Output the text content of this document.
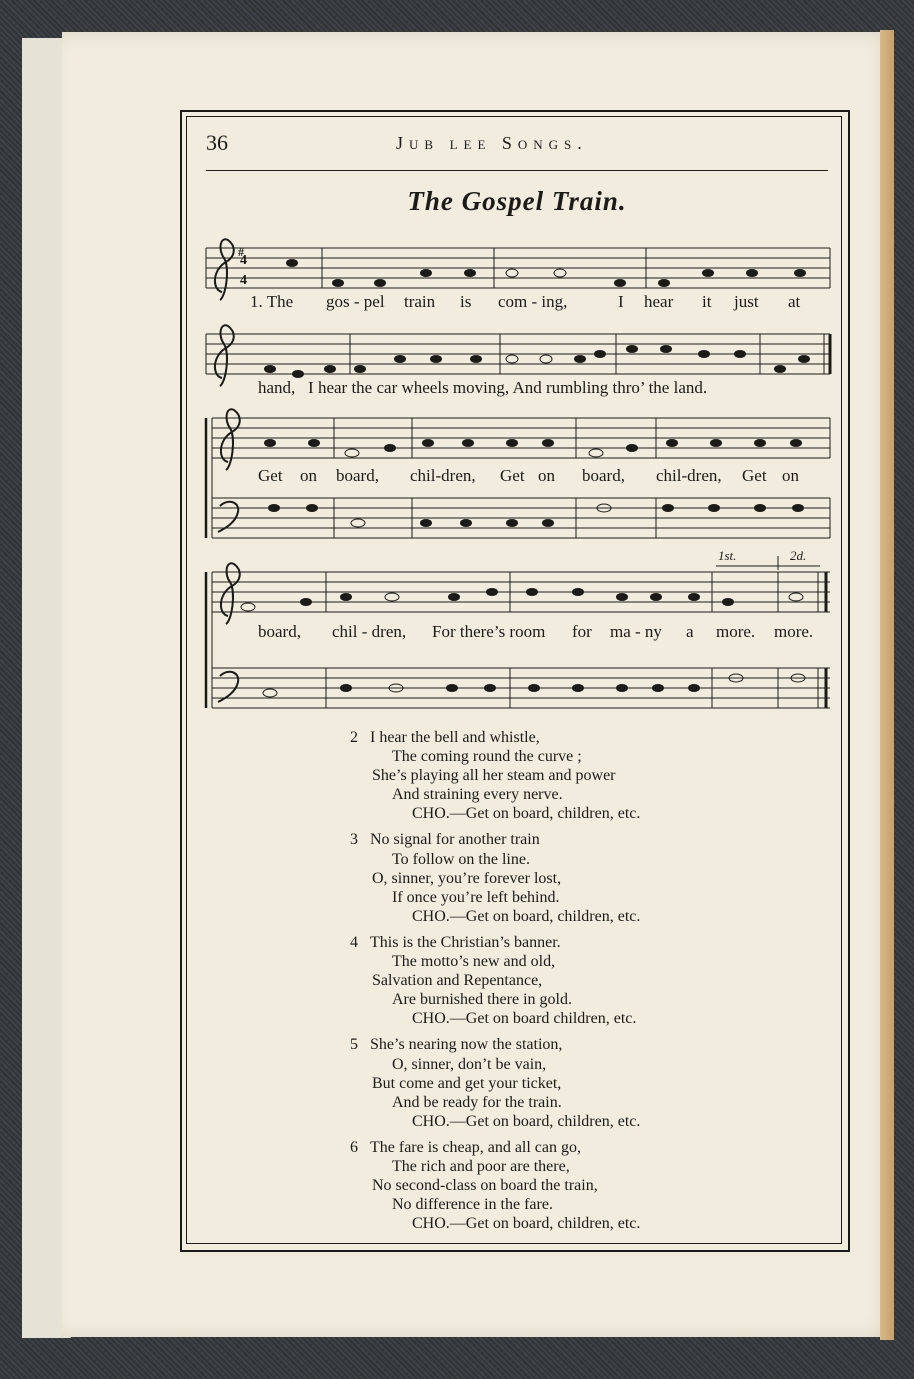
36	Jub lee Songs.
The Gospel Train.
4
4
#
1. The gos - pel train is com - ing,	I hear it just at
hand,   I hear the car wheels moving, And rumbling thro’ the land.
Get on board, chil-dren, Get on board, chil-dren, Get on
1st.	2d.
board, chil - dren, For there’s room for ma - ny a more. more.
2 I hear the bell and whistle,
The coming round the curve ;
She’s playing all her steam and power
And straining every nerve.
CHO.—Get on board, children, etc.
3 No signal for another train
To follow on the line.
O, sinner, you’re forever lost,
If once you’re left behind.
CHO.—Get on board, children, etc.
4 This is the Christian’s banner.
The motto’s new and old,
Salvation and Repentance,
Are burnished there in gold.
CHO.—Get on board children, etc.
5 She’s nearing now the station,
O, sinner, don’t be vain,
But come and get your ticket,
And be ready for the train.
CHO.—Get on board, children, etc.
6 The fare is cheap, and all can go,
The rich and poor are there,
No second-class on board the train,
No difference in the fare.
CHO.—Get on board, children, etc.
